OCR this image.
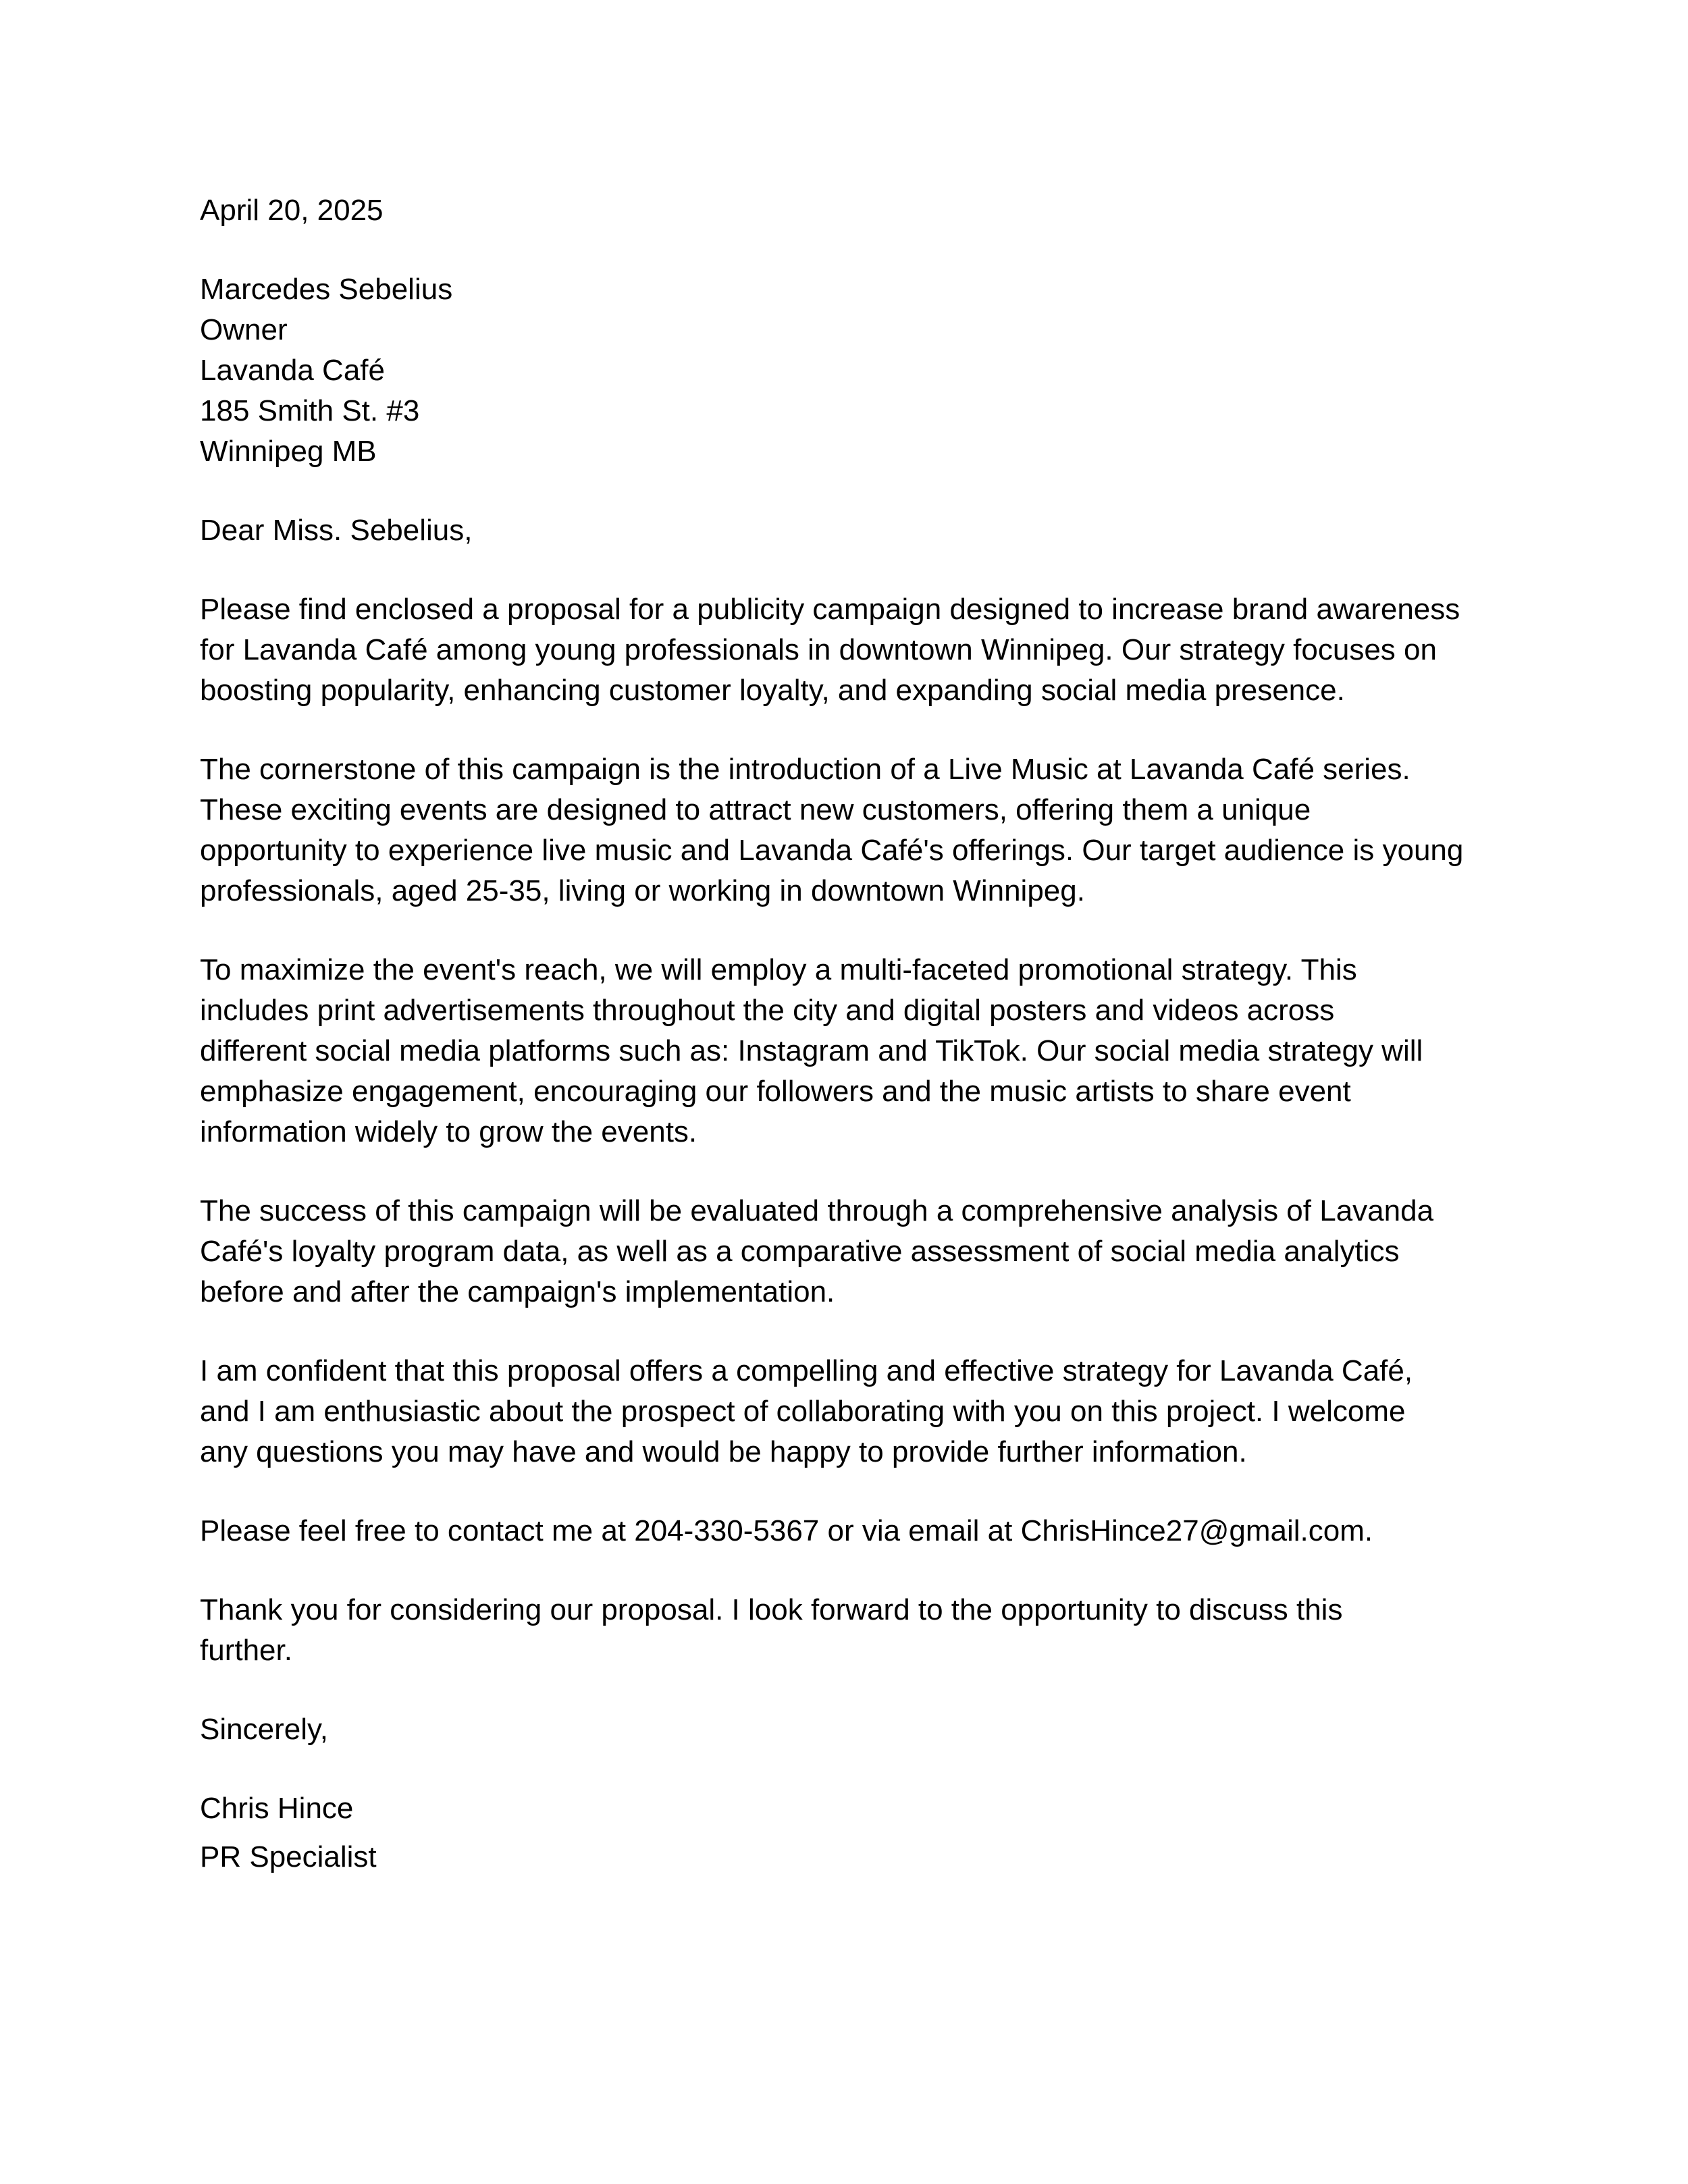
April 20, 2025
Marcedes Sebelius
Owner
Lavanda Café
185 Smith St. #3
Winnipeg MB
Dear Miss. Sebelius,
Please find enclosed a proposal for a publicity campaign designed to increase brand awareness
for Lavanda Café among young professionals in downtown Winnipeg. Our strategy focuses on
boosting popularity, enhancing customer loyalty, and expanding social media presence.
The cornerstone of this campaign is the introduction of a Live Music at Lavanda Café series.
These exciting events are designed to attract new customers, offering them a unique
opportunity to experience live music and Lavanda Café's offerings. Our target audience is young
professionals, aged 25-35, living or working in downtown Winnipeg.
To maximize the event's reach, we will employ a multi-faceted promotional strategy. This
includes print advertisements throughout the city and digital posters and videos across
different social media platforms such as: Instagram and TikTok. Our social media strategy will
emphasize engagement, encouraging our followers and the music artists to share event
information widely to grow the events.
The success of this campaign will be evaluated through a comprehensive analysis of Lavanda
Café's loyalty program data, as well as a comparative assessment of social media analytics
before and after the campaign's implementation.
I am confident that this proposal offers a compelling and effective strategy for Lavanda Café,
and I am enthusiastic about the prospect of collaborating with you on this project. I welcome
any questions you may have and would be happy to provide further information.
Please feel free to contact me at 204-330-5367 or via email at ChrisHince27@gmail.com.
Thank you for considering our proposal. I look forward to the opportunity to discuss this
further.
Sincerely,
Chris Hince
PR Specialist
